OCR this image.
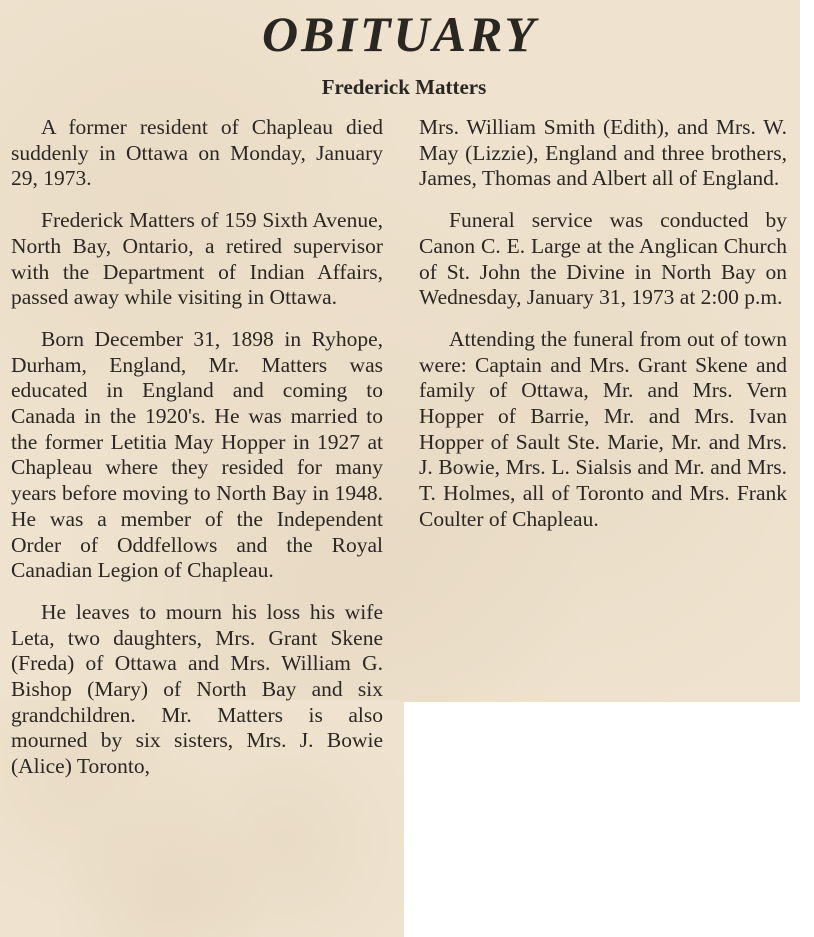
OBITUARY
Frederick Matters

A former resident of Chapleau died suddenly in Ottawa on Monday, January 29, 1973.

Frederick Matters of 159 Sixth Avenue, North Bay, Ontario, a retired supervisor with the Department of Indian Affairs, passed away while visiting in Ottawa.

Born December 31, 1898 in Ryhope, Durham, England, Mr. Matters was educated in England and coming to Canada in the 1920's. He was married to the former Letitia May Hopper in 1927 at Chapleau where they resided for many years before moving to North Bay in 1948. He was a member of the Independent Order of Oddfellows and the Royal Canadian Legion of Chapleau.

He leaves to mourn his loss his wife Leta, two daughters, Mrs. Grant Skene (Freda) of Ottawa and Mrs. William G. Bishop (Mary) of North Bay and six grandchildren. Mr. Matters is also mourned by six sisters, Mrs. J. Bowie (Alice) Toronto,

Mrs. William Smith (Edith), and Mrs. W. May (Lizzie), England and three brothers, James, Thomas and Albert all of England.

Funeral service was conducted by Canon C. E. Large at the Anglican Church of St. John the Divine in North Bay on Wednesday, January 31, 1973 at 2:00 p.m.

Attending the funeral from out of town were: Captain and Mrs. Grant Skene and family of Ottawa, Mr. and Mrs. Vern Hopper of Barrie, Mr. and Mrs. Ivan Hopper of Sault Ste. Marie, Mr. and Mrs. J. Bowie, Mrs. L. Sialsis and Mr. and Mrs. T. Holmes, all of Toronto and Mrs. Frank Coulter of Chapleau.
